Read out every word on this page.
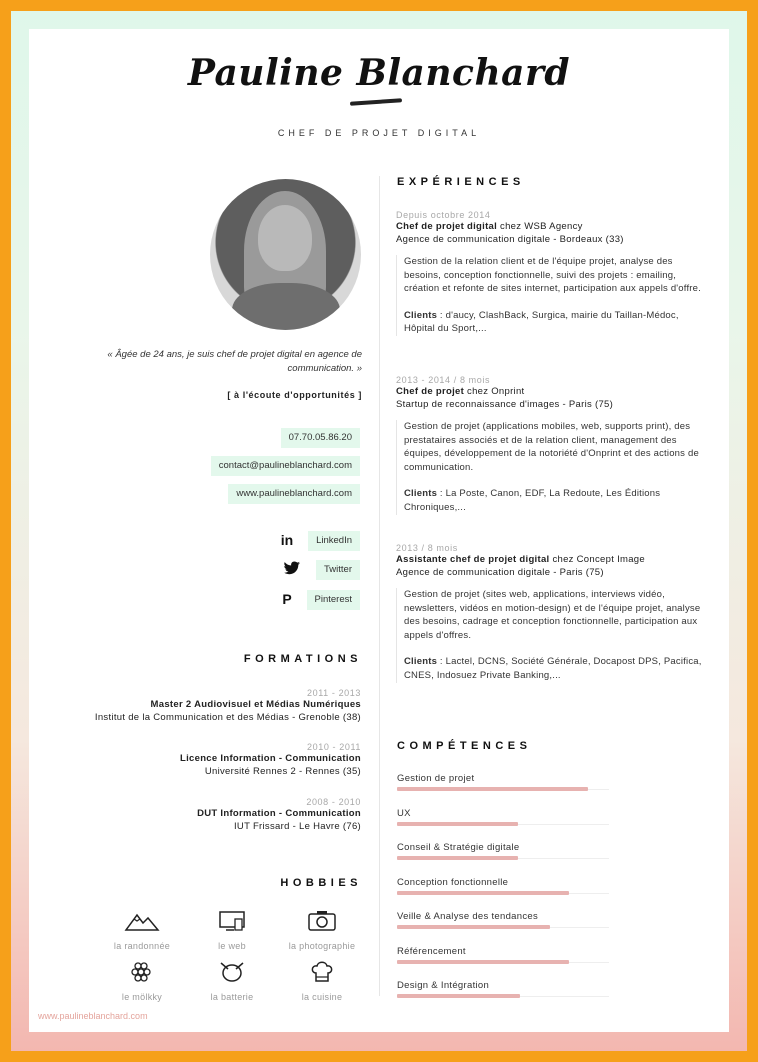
Pauline Blanchard
CHEF DE PROJET DIGITAL
« Âgée de 24 ans, je suis chef de projet digital en agence de communication. »
[ à l'écoute d'opportunités ]
07.70.05.86.20
contact@paulineblanchard.com
www.paulineblanchard.com
in	LinkedIn
Twitter
P	Pinterest
FORMATIONS
2011 - 2013
Master 2 Audiovisuel et Médias Numériques
Institut de la Communication et des Médias - Grenoble (38)
2010 - 2011
Licence Information - Communication
Université Rennes 2 - Rennes (35)
2008 - 2010
DUT Information - Communication
IUT Frissard - Le Havre (76)
HOBBIES
la randonnée	le web	la photographie
le mölkky	la batterie	la cuisine
EXPÉRIENCES
Depuis octobre 2014
Chef de projet digital chez WSB Agency
Agence de communication digitale - Bordeaux (33)
Gestion de la relation client et de l'équipe projet, analyse des besoins, conception fonctionnelle, suivi des projets : emailing, création et refonte de sites internet, participation aux appels d'offre.
Clients : d'aucy, ClashBack, Surgica, mairie du Taillan-Médoc, Hôpital du Sport,...
2013 - 2014 / 8 mois
Chef de projet chez Onprint
Startup de reconnaissance d'images - Paris (75)
Gestion de projet (applications mobiles, web, supports print), des prestataires associés et de la relation client, management des équipes, développement de la notoriété d'Onprint et des actions de communication.
Clients : La Poste, Canon, EDF, La Redoute, Les Éditions Chroniques,...
2013 / 8 mois
Assistante chef de projet digital chez Concept Image
Agence de communication digitale - Paris (75)
Gestion de projet (sites web, applications, interviews vidéo, newsletters, vidéos en motion-design) et de l'équipe projet, analyse des besoins, cadrage et conception fonctionnelle, participation aux appels d'offres.
Clients : Lactel, DCNS, Société Générale, Docapost DPS, Pacifica, CNES, Indosuez Private Banking,...
COMPÉTENCES
Gestion de projet
UX
Conseil & Stratégie digitale
Conception fonctionnelle
Veille & Analyse des tendances
Référencement
Design & Intégration
www.paulineblanchard.com
